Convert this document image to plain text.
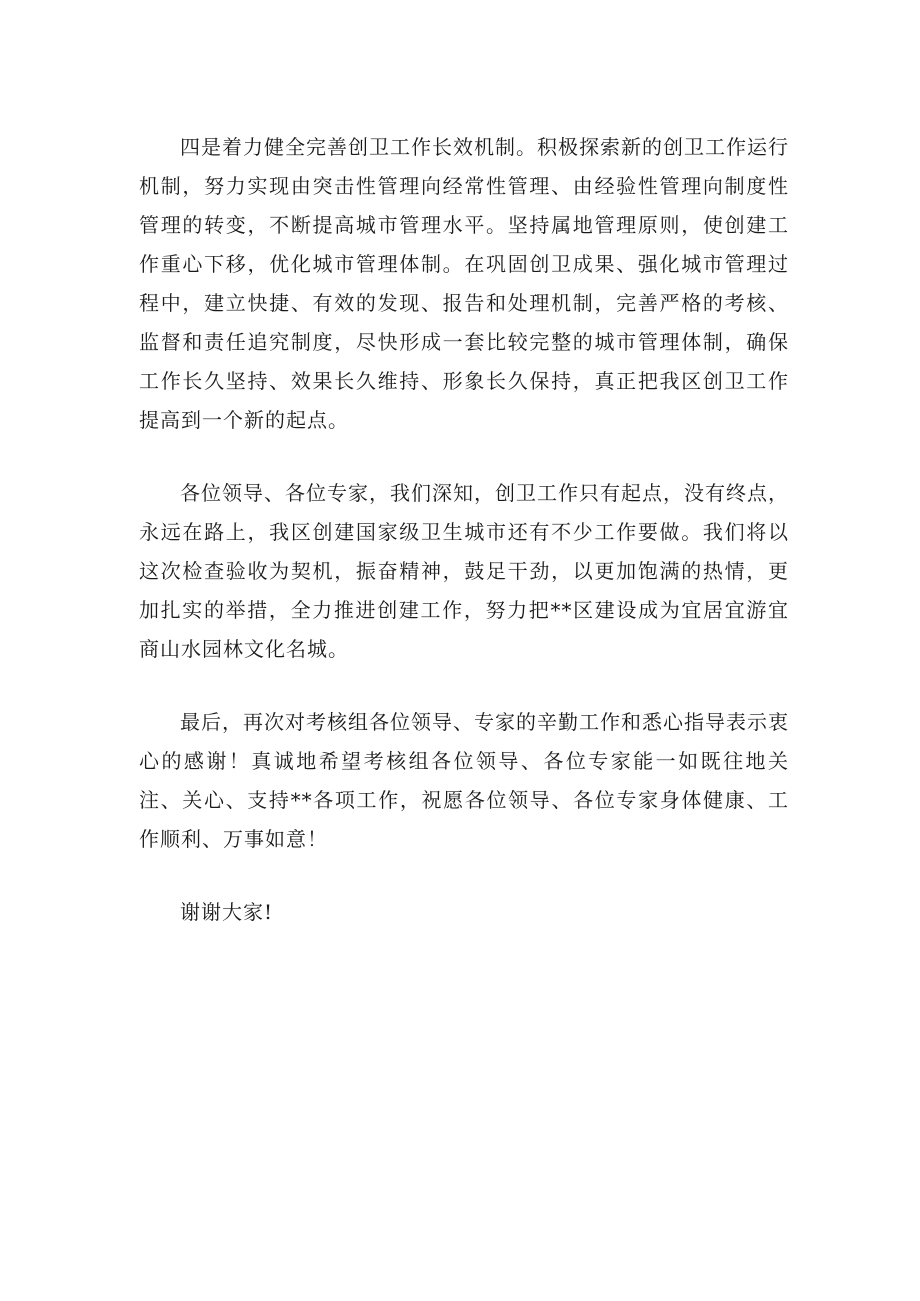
四是着力健全完善创卫工作长效机制。积极探索新的创卫工作运行机制，努力实现由突击性管理向经常性管理、由经验性管理向制度性管理的转变，不断提高城市管理水平。坚持属地管理原则，使创建工作重心下移，优化城市管理体制。在巩固创卫成果、强化城市管理过程中，建立快捷、有效的发现、报告和处理机制，完善严格的考核、监督和责任追究制度，尽快形成一套比较完整的城市管理体制，确保工作长久坚持、效果长久维持、形象长久保持，真正把我区创卫工作提高到一个新的起点。

各位领导、各位专家，我们深知，创卫工作只有起点，没有终点，永远在路上，我区创建国家级卫生城市还有不少工作要做。我们将以这次检查验收为契机，振奋精神，鼓足干劲，以更加饱满的热情，更加扎实的举措，全力推进创建工作，努力把**区建设成为宜居宜游宜商山水园林文化名城。

最后，再次对考核组各位领导、专家的辛勤工作和悉心指导表示衷心的感谢！真诚地希望考核组各位领导、各位专家能一如既往地关注、关心、支持**各项工作，祝愿各位领导、各位专家身体健康、工作顺利、万事如意！

谢谢大家!
